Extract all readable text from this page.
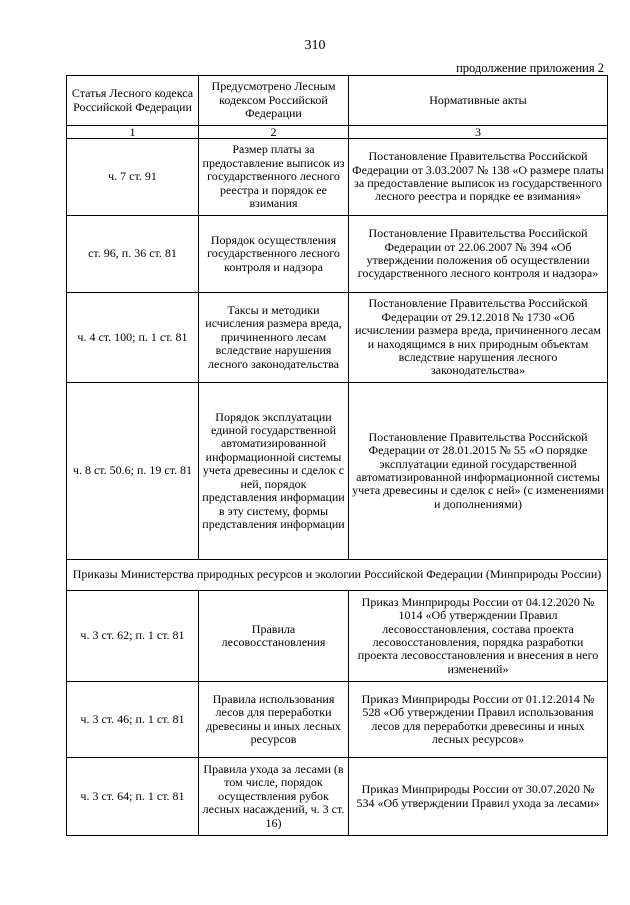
310
продолжение приложения 2
Статья Лесного кодекса Российской Федерации	Предусмотрено Лесным кодексом Российской Федерации	Нормативные акты
1	2	3
ч. 7 ст. 91	Размер платы за предоставление выписок из государственного лесного реестра и порядок ее взимания	Постановление Правительства Российской Федерации от 3.03.2007 № 138 «О размере платы за предоставление выписок из государственного лесного реестра и порядке ее взимания»
ст. 96, п. 36 ст. 81	Порядок осуществления государственного лесного контроля и надзора	Постановление Правительства Российской Федерации от 22.06.2007 № 394 «Об утверждении положения об осуществлении государственного лесного контроля и надзора»
ч. 4 ст. 100; п. 1 ст. 81	Таксы и методики исчисления размера вреда, причиненного лесам вследствие нарушения лесного законодательства	Постановление Правительства Российской Федерации от 29.12.2018 № 1730 «Об исчислении размера вреда, причиненного лесам и находящимся в них природным объектам вследствие нарушения лесного законодательства»
ч. 8 ст. 50.6; п. 19 ст. 81	Порядок эксплуатации единой государственной автоматизированной информационной системы учета древесины и сделок с ней, порядок представления информации в эту систему, формы представления информации	Постановление Правительства Российской Федерации от 28.01.2015 № 55 «О порядке эксплуатации единой государственной автоматизированной информационной системы учета древесины и сделок с ней» (с изменениями и дополнениями)
Приказы Министерства природных ресурсов и экологии Российской Федерации (Минприроды России)		
ч. 3 ст. 62; п. 1 ст. 81	Правила лесовосстановления	Приказ Минприроды России от 04.12.2020 № 1014 «Об утверждении Правил лесовосстановления, состава проекта лесовосстановления, порядка разработки проекта лесовосстановления и внесения в него изменений»
ч. 3 ст. 46; п. 1 ст. 81	Правила использования лесов для переработки древесины и иных лесных ресурсов	Приказ Минприроды России от 01.12.2014 № 528 «Об утверждении Правил использования лесов для переработки древесины и иных лесных ресурсов»
ч. 3 ст. 64; п. 1 ст. 81	Правила ухода за лесами (в том числе, порядок осуществления рубок лесных насаждений, ч. 3 ст. 16)	Приказ Минприроды России от 30.07.2020 № 534 «Об утверждении Правил ухода за лесами»
